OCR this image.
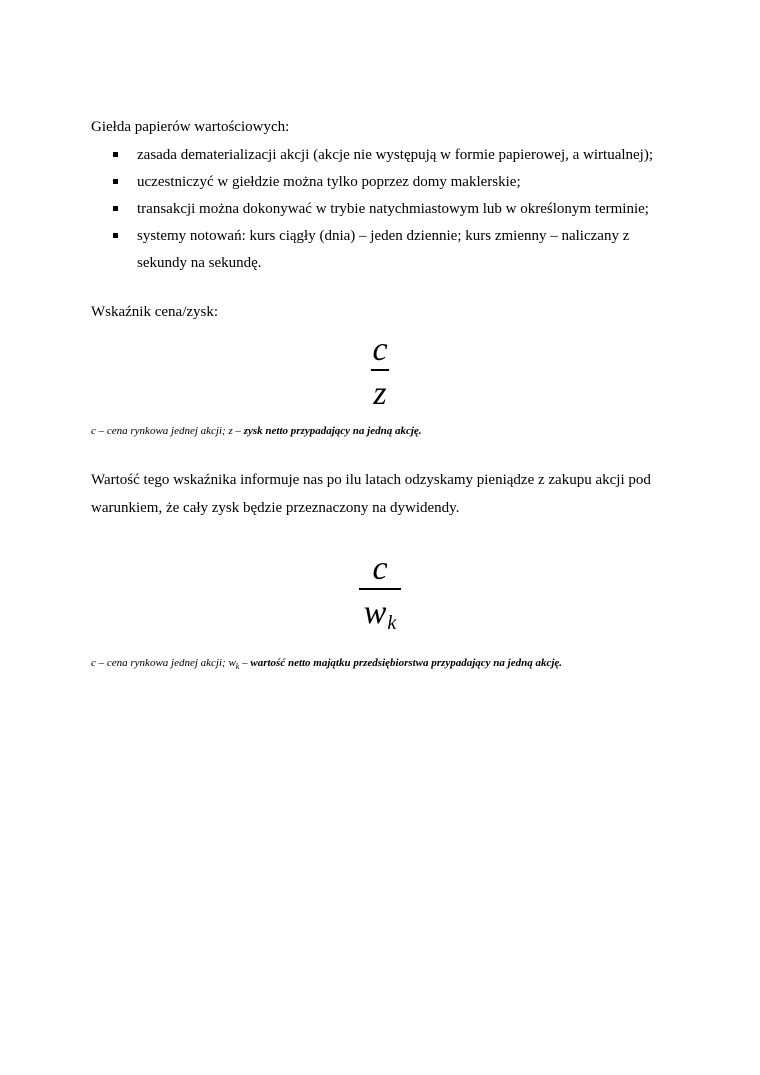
Giełda papierów wartościowych:
zasada dematerializacji akcji (akcje nie występują w formie papierowej, a wirtualnej);
uczestniczyć w giełdzie można tylko poprzez domy maklerskie;
transakcji można dokonywać w trybie natychmiastowym lub w określonym terminie;
systemy notowań: kurs ciągły (dnia) – jeden dziennie; kurs zmienny – naliczany z sekundy na sekundę.
Wskaźnik cena/zysk:
c
z
c – cena rynkowa jednej akcji; z – zysk netto przypadający na jedną akcję.
Wartość tego wskaźnika informuje nas po ilu latach odzyskamy pieniądze z zakupu akcji pod warunkiem, że cały zysk będzie przeznaczony na dywidendy.
c
$w_k$
c – cena rynkowa jednej akcji; $w_k$ – wartość netto majątku przedsiębiorstwa przypadający na jedną akcję.
